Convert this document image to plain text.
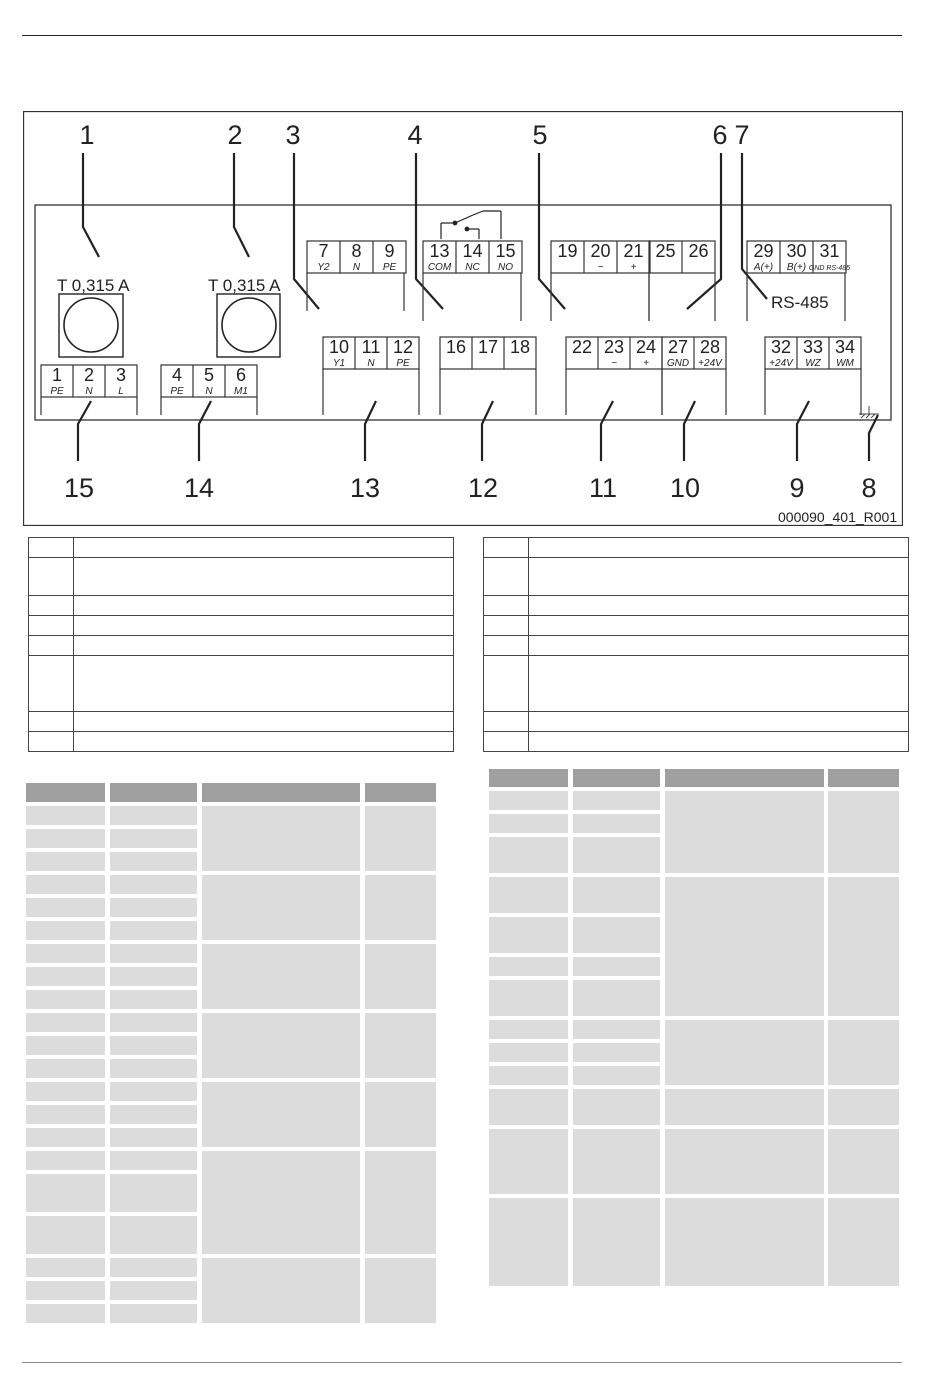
1	2 3	4	5	6 7
15	14	13	12	11 10	9 8
T 0,315 A	T 0,315 A
RS-485
000090_401_R001
7
Y2
8
N
9
PE
13
COM
14
NC
15
NO
19 20
−
21
+
25 26 29
A(+)
30
B(+)
31
GND RS-485
10
Y1
11
N
12
PE
16 17 18 22 23
−
24
+
27
GND
28
+24V
32
+24V
33
WZ
34
WM
1
PE
2
N
3
L
4
PE
5
N
6
M1
